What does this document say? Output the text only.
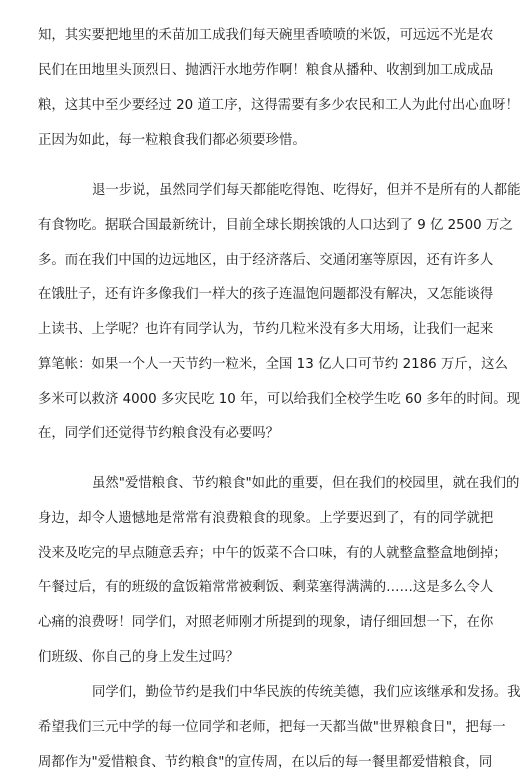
知，其实要把地里的禾苗加工成我们每天碗里香喷喷的米饭，可远远不光是农
民们在田地里头顶烈日、抛洒汗水地劳作啊！粮食从播种、收割到加工成成品
粮，这其中至少要经过 20 道工序，这得需要有多少农民和工人为此付出心血呀！
正因为如此，每一粒粮食我们都必须要珍惜。
退一步说，虽然同学们每天都能吃得饱、吃得好，但并不是所有的人都能
有食物吃。据联合国最新统计，目前全球长期挨饿的人口达到了 9 亿 2500 万之
多。而在我们中国的边远地区，由于经济落后、交通闭塞等原因，还有许多人
在饿肚子，还有许多像我们一样大的孩子连温饱问题都没有解决，又怎能谈得
上读书、上学呢？也许有同学认为，节约几粒米没有多大用场，让我们一起来
算笔帐：如果一个人一天节约一粒米，全国 13 亿人口可节约 2186 万斤，这么
多米可以救济 4000 多灾民吃 10 年，可以给我们全校学生吃 60 多年的时间。现
在，同学们还觉得节约粮食没有必要吗？
虽然"爱惜粮食、节约粮食"如此的重要，但在我们的校园里，就在我们的
身边，却令人遗憾地是常常有浪费粮食的现象。上学要迟到了，有的同学就把
没来及吃完的早点随意丢弃；中午的饭菜不合口味，有的人就整盒整盒地倒掉；
午餐过后，有的班级的盒饭箱常常被剩饭、剩菜塞得满满的……这是多么令人
心痛的浪费呀！同学们，对照老师刚才所提到的现象，请仔细回想一下，在你
们班级、你自己的身上发生过吗？
同学们，勤俭节约是我们中华民族的传统美德，我们应该继承和发扬。我
希望我们三元中学的每一位同学和老师，把每一天都当做"世界粮食日"，把每一
周都作为"爱惜粮食、节约粮食"的宣传周，在以后的每一餐里都爱惜粮食，同
